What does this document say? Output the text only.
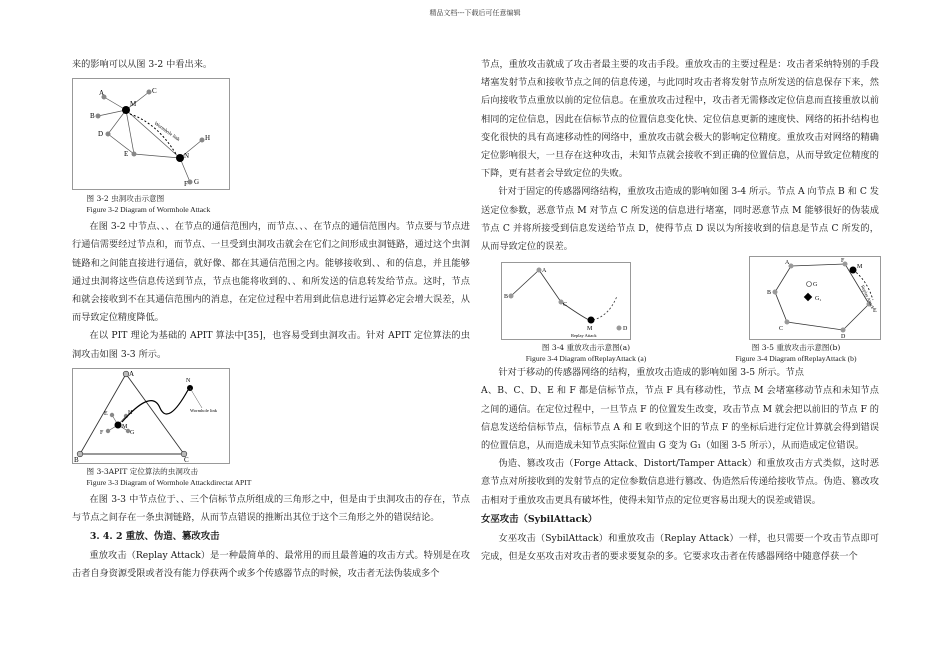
精品文档---下载后可任意编辑

来的影响可以从图 3-2 中看出来。

A
B
C
D
E
F G
H
M
N
Wormhole link

图 3-2 虫洞攻击示意图

Figure 3-2 Diagram of Wormhole Attack

在图 3-2 中节点、、、在节点的通信范围内，而节点、、、在节点的通信范围内。节点要与节点进行通信需要经过节点和，而节点、一旦受到虫洞攻击就会在它们之间形成虫洞链路，通过这个虫洞链路和之间能直接进行通信，就好像、都在其通信范围之内。能够接收到、、和的信息，并且能够通过虫洞将这些信息传送到节点，节点也能将收到的、、和所发送的信息转发给节点。这时，节点和就会接收到不在其通信范围内的消息，在定位过程中若用到此信息进行运算必定会增大误差，从而导致定位精度降低。

在以 PIT 理论为基础的 APIT 算法中[35]，也容易受到虫洞攻击。针对 APIT 定位算法的虫洞攻击如图 3-3 所示。

A
B	C
E
F	G
H
M
N
Wormhole link

图 3-3APIT 定位算法的虫洞攻击

Figure 3-3 Diagram of Wormhole Attackdirectat APIT

在图 3-3 中节点位于、、三个信标节点所组成的三角形之中，但是由于虫洞攻击的存在，节点与节点之间存在一条虫洞链路，从而节点错误的推断出其位于这个三角形之外的错误结论。

3. 4. 2 重放、伪造、篡改攻击

重放攻击（Replay Attack）是一种最简单的、最常用的而且最普遍的攻击方式。特别是在攻击者自身资源受限或者没有能力俘获两个或多个传感器节点的时候，攻击者无法伪装成多个

节点，重放攻击就成了攻击者最主要的攻击手段。重放攻击的主要过程是：攻击者采纳特别的手段堵塞发射节点和接收节点之间的信息传递，与此同时攻击者将发射节点所发送的信息保存下来，然后向接收节点重放以前的定位信息。在重放攻击过程中，攻击者无需修改定位信息而直接重放以前相同的定位信息，因此在信标节点的位置信息变化快、定位信息更新的速度快、网络的拓扑结构也变化很快的具有高速移动性的网络中，重放攻击就会极大的影响定位精度。重放攻击对网络的精确定位影响很大，一旦存在这种攻击，未知节点就会接收不到正确的位置信息，从而导致定位精度的下降，更有甚者会导致定位的失败。

针对于固定的传感器网络结构，重放攻击造成的影响如图 3-4 所示。节点 A 向节点 B 和 C 发送定位参数，恶意节点 M 对节点 C 所发送的信息进行堵塞，同时恶意节点 M 能够很好的伪装成节点 C 并将所接受到信息发送给节点 D，使得节点 D 误以为所接收到的信息是节点 C 所发的，从而导致定位的误差。

A
B
C
M	D
Replay Attack
A
B
C
D
E
F
M
G
G₁	Replay Attack
图 3-4 重放攻击示意图(a)
Figure 3-4 Diagram ofReplayAttack (a)
图 3-5 重放攻击示意图(b)
Figure 3-4 Diagram ofReplayAttack (b)

针对于移动的传感器网络的结构，重放攻击造成的影响如图 3-5 所示。节点

A、B、C、D、E 和 F 都是信标节点，节点 F 具有移动性，节点 M 会堵塞移动节点和未知节点之间的通信。在定位过程中，一旦节点 F 的位置发生改变，攻击节点 M 就会把以前旧的节点 F 的信息发送给信标节点，信标节点 A 和 E 收到这个旧的节点 F 的坐标后进行定位计算就会得到错误的位置信息，从而造成未知节点实际位置由 G 变为 G₁（如图 3-5 所示），从而造成定位错误。

伪造、篡改攻击（Forge Attack、Distort/Tamper Attack）和重放攻击方式类似，这时恶意节点对所接收到的发射节点的定位参数信息进行篡改、伪造然后传递给接收节点。伪造、篡改攻击相对于重放攻击更具有破坏性，使得未知节点的定位更容易出现大的误差或错误。

女巫攻击（SybilAttack）

女巫攻击（SybilAttack）和重放攻击（Replay Attack）一样，也只需要一个攻击节点即可完成，但是女巫攻击对攻击者的要求要复杂的多。它要求攻击者在传感器网络中随意俘获一个
